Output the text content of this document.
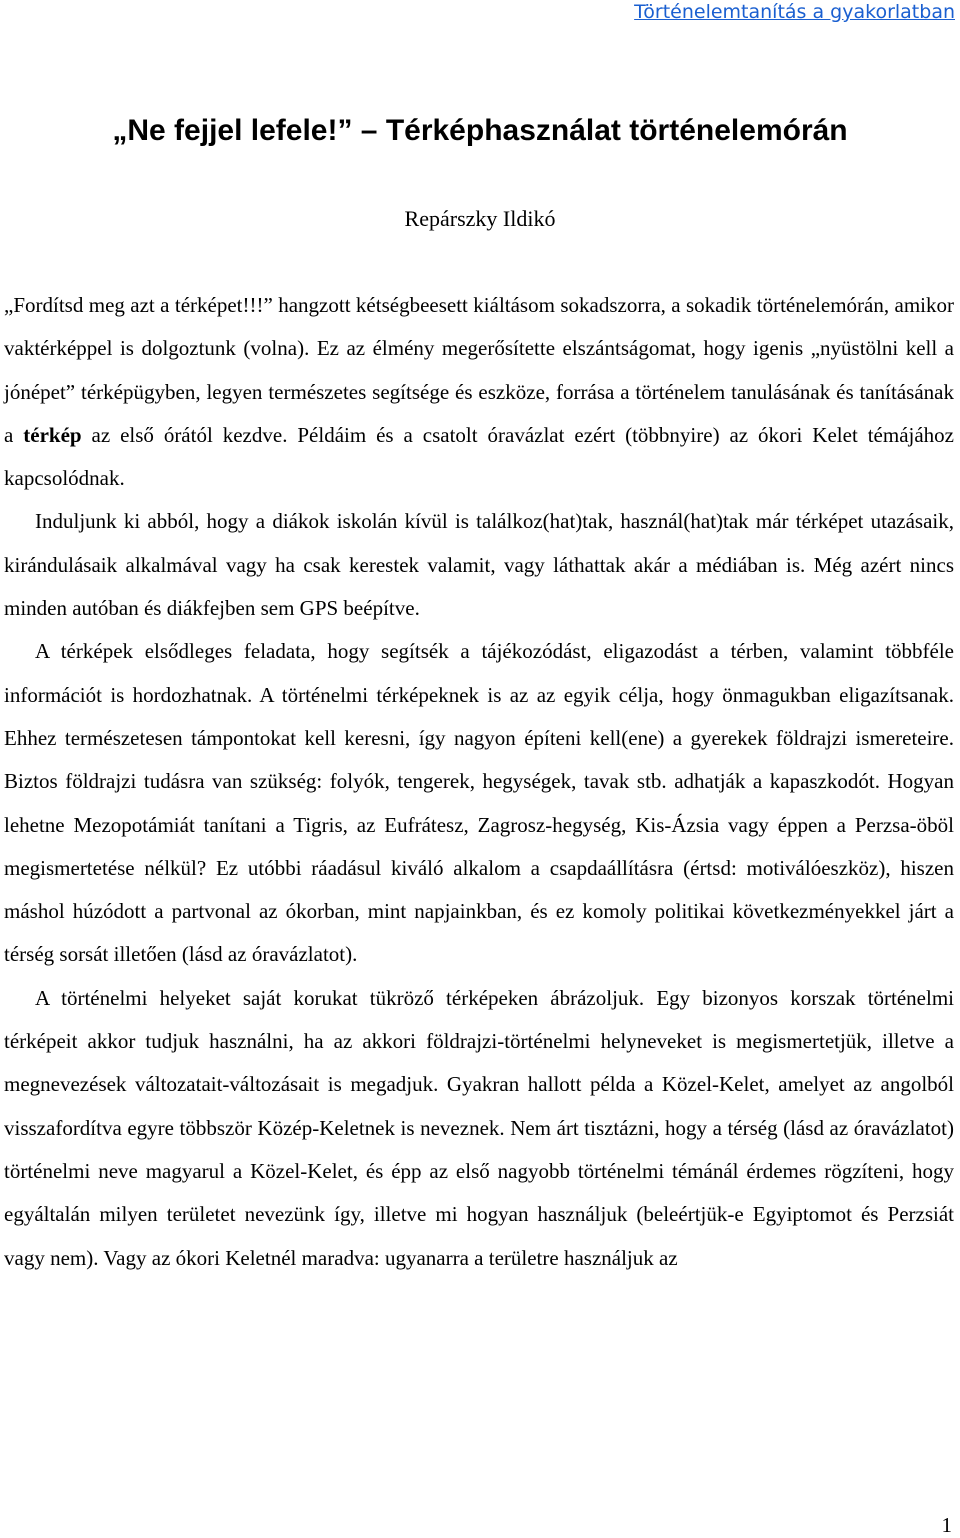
Történelemtanítás a gyakorlatban
„Ne fejjel lefele!” – Térképhasználat történelemórán
Repárszky Ildikó

„Fordítsd meg azt a térképet!!!” hangzott kétségbeesett kiáltásom sokadszorra, a sokadik történelemórán, amikor vaktérképpel is dolgoztunk (volna). Ez az élmény megerősítette elszántságomat, hogy igenis „nyüstölni kell a jónépet” térképügyben, legyen természetes segítsége és eszköze, forrása a történelem tanulásának és tanításának a térkép az első órától kezdve. Példáim és a csatolt óravázlat ezért (többnyire) az ókori Kelet témájához kapcsolódnak.

Induljunk ki abból, hogy a diákok iskolán kívül is találkoz(hat)tak, használ(hat)tak már térképet utazásaik, kirándulásaik alkalmával vagy ha csak kerestek valamit, vagy láthattak akár a médiában is. Még azért nincs minden autóban és diákfejben sem GPS beépítve.

A térképek elsődleges feladata, hogy segítsék a tájékozódást, eligazodást a térben, valamint többféle információt is hordozhatnak. A történelmi térképeknek is az az egyik célja, hogy önmagukban eligazítsanak. Ehhez természetesen támpontokat kell keresni, így nagyon építeni kell(ene) a gyerekek földrajzi ismereteire. Biztos földrajzi tudásra van szükség: folyók, tengerek, hegységek, tavak stb. adhatják a kapaszkodót. Hogyan lehetne Mezopotámiát tanítani a Tigris, az Eufrátesz, Zagrosz-hegység, Kis-Ázsia vagy éppen a Perzsa-öböl megismertetése nélkül? Ez utóbbi ráadásul kiváló alkalom a csapdaállításra (értsd: motiválóeszköz), hiszen máshol húzódott a partvonal az ókorban, mint napjainkban, és ez komoly politikai következményekkel járt a térség sorsát illetően (lásd az óravázlatot).

A történelmi helyeket saját korukat tükröző térképeken ábrázoljuk. Egy bizonyos korszak történelmi térképeit akkor tudjuk használni, ha az akkori földrajzi-történelmi helyneveket is megismertetjük, illetve a megnevezések változatait-változásait is megadjuk. Gyakran hallott példa a Közel-Kelet, amelyet az angolból visszafordítva egyre többször Közép-Keletnek is neveznek. Nem árt tisztázni, hogy a térség (lásd az óravázlatot) történelmi neve magyarul a Közel-Kelet, és épp az első nagyobb történelmi témánál érdemes rögzíteni, hogy egyáltalán milyen területet nevezünk így, illetve mi hogyan használjuk (beleértjük-e Egyiptomot és Perzsiát vagy nem). Vagy az ókori Keletnél maradva: ugyanarra a területre használjuk az

1
